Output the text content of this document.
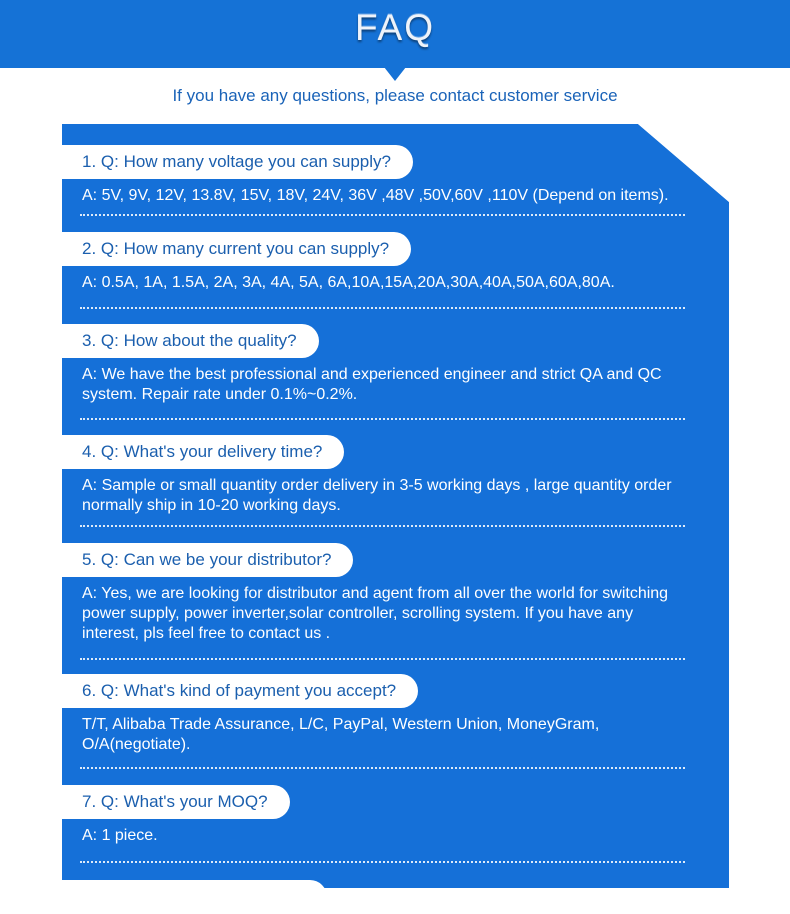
FAQ
If you have any questions, please contact customer service
1. Q: How many voltage you can supply?
A: 5V, 9V, 12V, 13.8V, 15V, 18V, 24V, 36V ,48V ,50V,60V ,110V (Depend on items).
2. Q: How many current you can supply?
A: 0.5A, 1A, 1.5A, 2A, 3A, 4A, 5A, 6A,10A,15A,20A,30A,40A,50A,60A,80A.
3. Q: How about the quality?
A: We have the best professional and experienced engineer and strict QA and QC system. Repair rate under 0.1%~0.2%.
4. Q: What's your delivery time?
A: Sample or small quantity order delivery in 3-5 working days , large quantity order normally ship in 10-20 working days.
5. Q: Can we be your distributor?
A: Yes, we are looking for distributor and agent from all over the world for switching power supply, power inverter,solar controller, scrolling system. If you have any interest, pls feel free to contact us .
6. Q: What's kind of payment you accept?
T/T, Alibaba Trade Assurance, L/C, PayPal, Western Union, MoneyGram, O/A(negotiate).
7. Q: What's your MOQ?
A: 1 piece.
